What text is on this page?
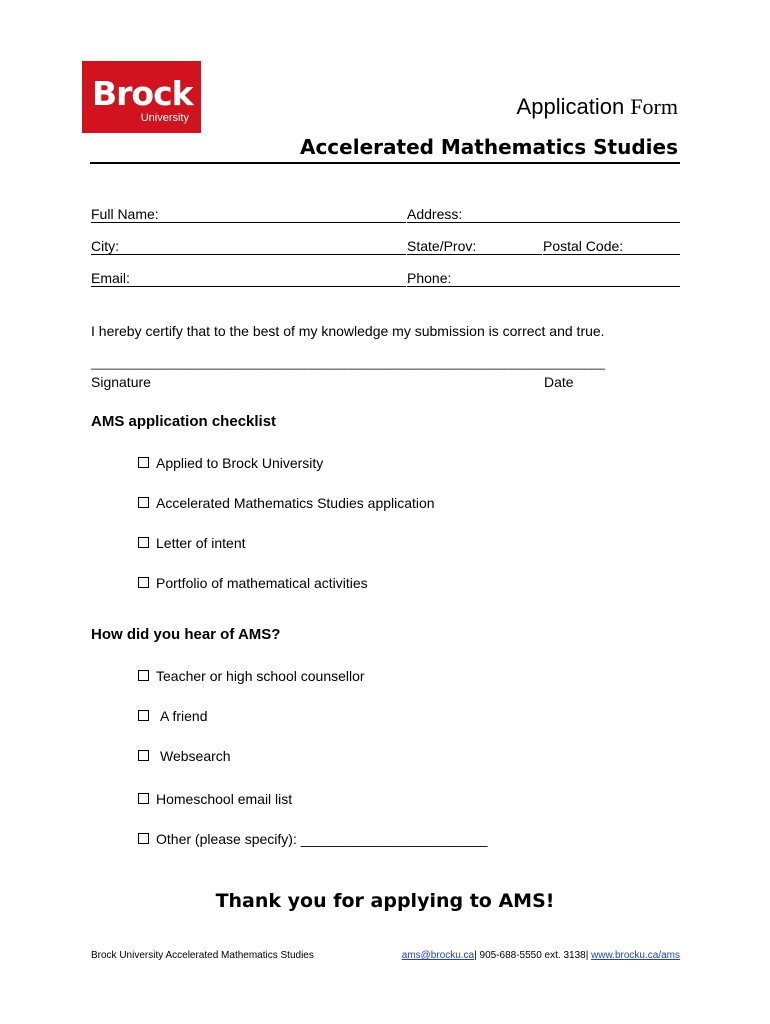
Brock
University	Application Form
Accelerated Mathematics Studies
Full Name:	Address:
City:	State/Prov:	Postal Code:
Email:	Phone:
I hereby certify that to the best of my knowledge my submission is correct and true.
_____________________________________________________________________________
Signature	Date
AMS application checklist
Applied to Brock University
Accelerated Mathematics Studies application
Letter of intent
Portfolio of mathematical activities
How did you hear of AMS?
Teacher or high school counsellor
A friend
Websearch
Homeschool email list
Other (please specify): ________________________
Thank you for applying to AMS!
Brock University Accelerated Mathematics Studies	ams@brocku.ca| 905-688-5550 ext. 3138| www.brocku.ca/ams
